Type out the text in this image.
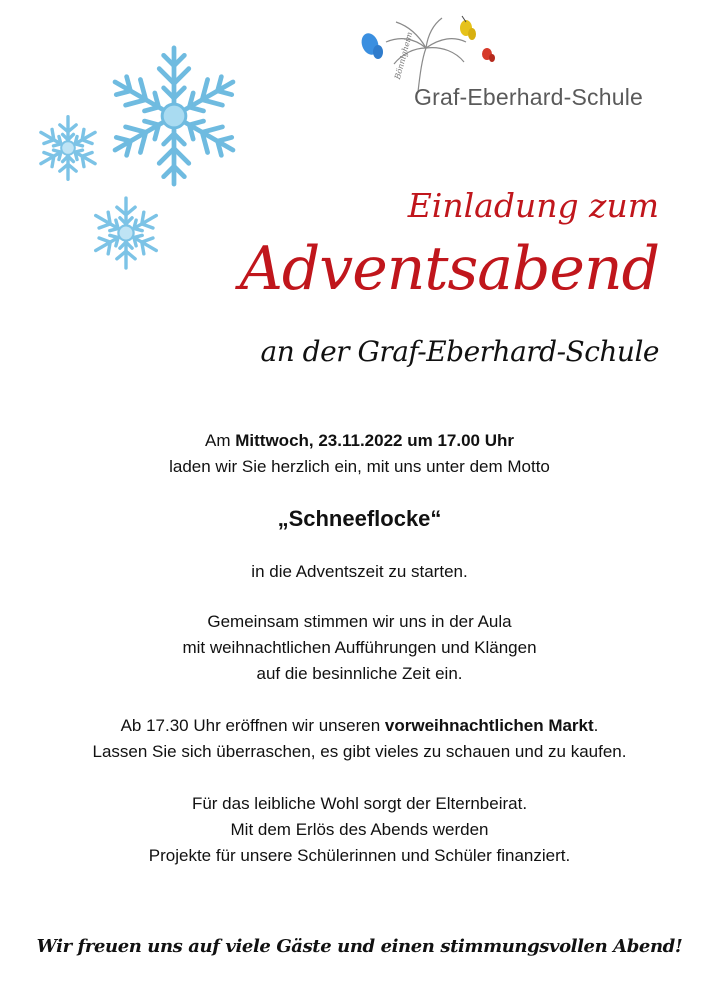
Bönnigheim
Graf-Eberhard-Schule
Einladung zum
Adventsabend
an der Graf-Eberhard-Schule
Am Mittwoch, 23.11.2022 um 17.00 Uhr
laden wir Sie herzlich ein, mit uns unter dem Motto
„Schneeflocke“
in die Adventszeit zu starten.
Gemeinsam stimmen wir uns in der Aula
mit weihnachtlichen Aufführungen und Klängen
auf die besinnliche Zeit ein.
Ab 17.30 Uhr eröffnen wir unseren vorweihnachtlichen Markt.
Lassen Sie sich überraschen, es gibt vieles zu schauen und zu kaufen.
Für das leibliche Wohl sorgt der Elternbeirat.
Mit dem Erlös des Abends werden
Projekte für unsere Schülerinnen und Schüler finanziert.
Wir freuen uns auf viele Gäste und einen stimmungsvollen Abend!
